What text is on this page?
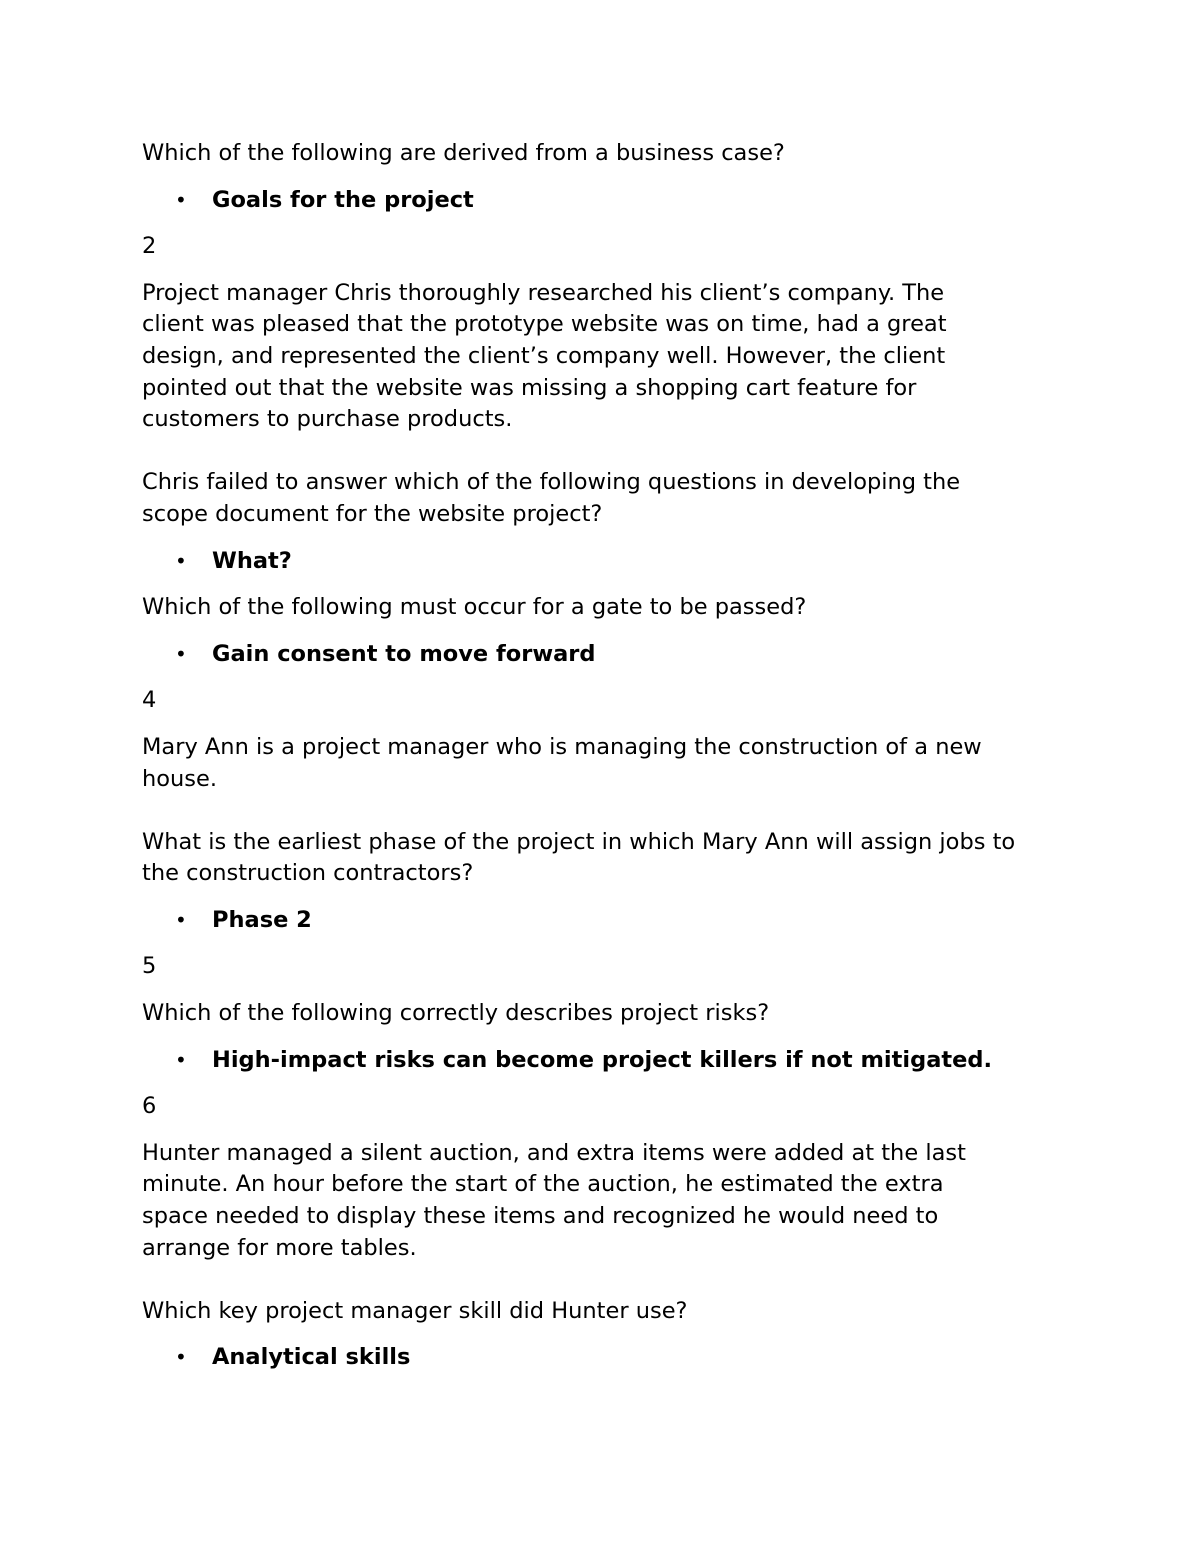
Which of the following are derived from a business case?

• Goals for the project

2

Project manager Chris thoroughly researched his client’s company. The
client was pleased that the prototype website was on time, had a great
design, and represented the client’s company well. However, the client
pointed out that the website was missing a shopping cart feature for
customers to purchase products.

Chris failed to answer which of the following questions in developing the
scope document for the website project?

• What?

Which of the following must occur for a gate to be passed?

• Gain consent to move forward

4

Mary Ann is a project manager who is managing the construction of a new
house.

What is the earliest phase of the project in which Mary Ann will assign jobs to
the construction contractors?

• Phase 2

5

Which of the following correctly describes project risks?

• High-impact risks can become project killers if not mitigated.

6

Hunter managed a silent auction, and extra items were added at the last
minute. An hour before the start of the auction, he estimated the extra
space needed to display these items and recognized he would need to
arrange for more tables.

Which key project manager skill did Hunter use?

• Analytical skills
